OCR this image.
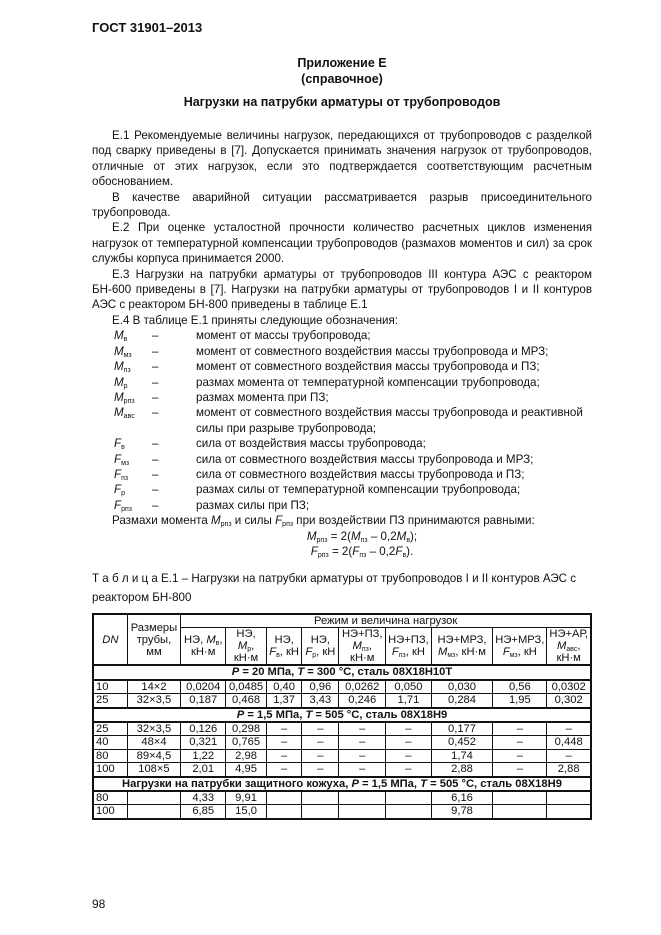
ГОСТ 31901–2013
Приложение Е
(справочное)
Нагрузки на патрубки арматуры от трубопроводов

Е.1 Рекомендуемые величины нагрузок, передающихся от трубопроводов с разделкой под сварку приведены в [7]. Допускается принимать значения нагрузок от трубопроводов, отличные от этих нагрузок, если это подтверждается соответствующим расчетным обоснованием.

В качестве аварийной ситуации рассматривается разрыв присоединительного трубопровода.

Е.2 При оценке усталостной прочности количество расчетных циклов изменения нагрузок от температурной компенсации трубопроводов (размахов моментов и сил) за срок службы корпуса принимается 2000.

Е.3 Нагрузки на патрубки арматуры от трубопроводов III контура АЭС с реактором БН-600 приведены в [7]. Нагрузки на патрубки арматуры от трубопроводов I и II контуров АЭС с реактором БН-800 приведены в таблице Е.1

Е.4 В таблице Е.1 приняты следующие обозначения:

$M_в$	–	момент от массы трубопровода;
$M_{мз}$	–	момент от совместного воздействия массы трубопровода и МРЗ;
$M_{пз}$	–	момент от совместного воздействия массы трубопровода и ПЗ;
$M_р$	–	размах момента от температурной компенсации трубопровода;
$M_{рпз}$	–	размах момента при ПЗ;
$M_{авс}$	–	момент от совместного воздействия массы трубопровода и реактивной силы при разрыве трубопровода;
$F_в$	–	сила от воздействия массы трубопровода;
$F_{мз}$	–	сила от совместного воздействия массы трубопровода и МРЗ;
$F_{пз}$	–	сила от совместного воздействия массы трубопровода и ПЗ;
$F_р$	–	размах силы от температурной компенсации трубопровода;
$F_{рпз}$	–	размах силы при ПЗ;

Размахи момента $M_{рпз}$ и силы $F_{рпз}$ при воздействии ПЗ принимаются равными:

$M_{рпз} = 2(M_{пз} - 0,2M_в)$;
$F_{рпз} = 2(F_{пз} - 0,2F_в)$.
Т а б л и ц а Е.1 – Нагрузки на патрубки арматуры от трубопроводов I и II контуров АЭС с реактором БН-800
DN	Размеры трубы, мм	Режим и величина нагрузок								
		НЭ, $M_в$, кН·м	НЭ, $M_р$, кН·м	НЭ, $F_в$, кН	НЭ, $F_р$, кН	НЭ+ПЗ, $M_{пз}$, кН·м	НЭ+ПЗ, $F_{пз}$, кН	НЭ+МРЗ, $M_{мз}$, кН·м	НЭ+МРЗ, $F_{мз}$, кН	НЭ+АР, $M_{авс}$, кН·м
P = 20 МПа, T = 300 °С, сталь 08Х18Н10Т										
10	14×2	0,0204	0,0485	0,40	0,96	0,0262	0,050	0,030	0,56	0,0302
25	32×3,5	0,187	0,468	1,37	3,43	0,246	1,71	0,284	1,95	0,302
P = 1,5 МПа, T = 505 °С, сталь 08Х18Н9										
25	32×3,5	0,126	0,298	–	–	–	–	0,177	–	–
40	48×4	0,321	0,765	–	–	–	–	0,452	–	0,448
80	89×4,5	1,22	2,98	–	–	–	–	1,74	–	–
100	108×5	2,01	4,95	–	–	–	–	2,88	–	2,88
Нагрузки на патрубки защитного кожуха, P = 1,5 МПа, T = 505 °С, сталь 08Х18Н9										
80		4,33	9,91					6,16		
100		6,85	15,0					9,78		
98
